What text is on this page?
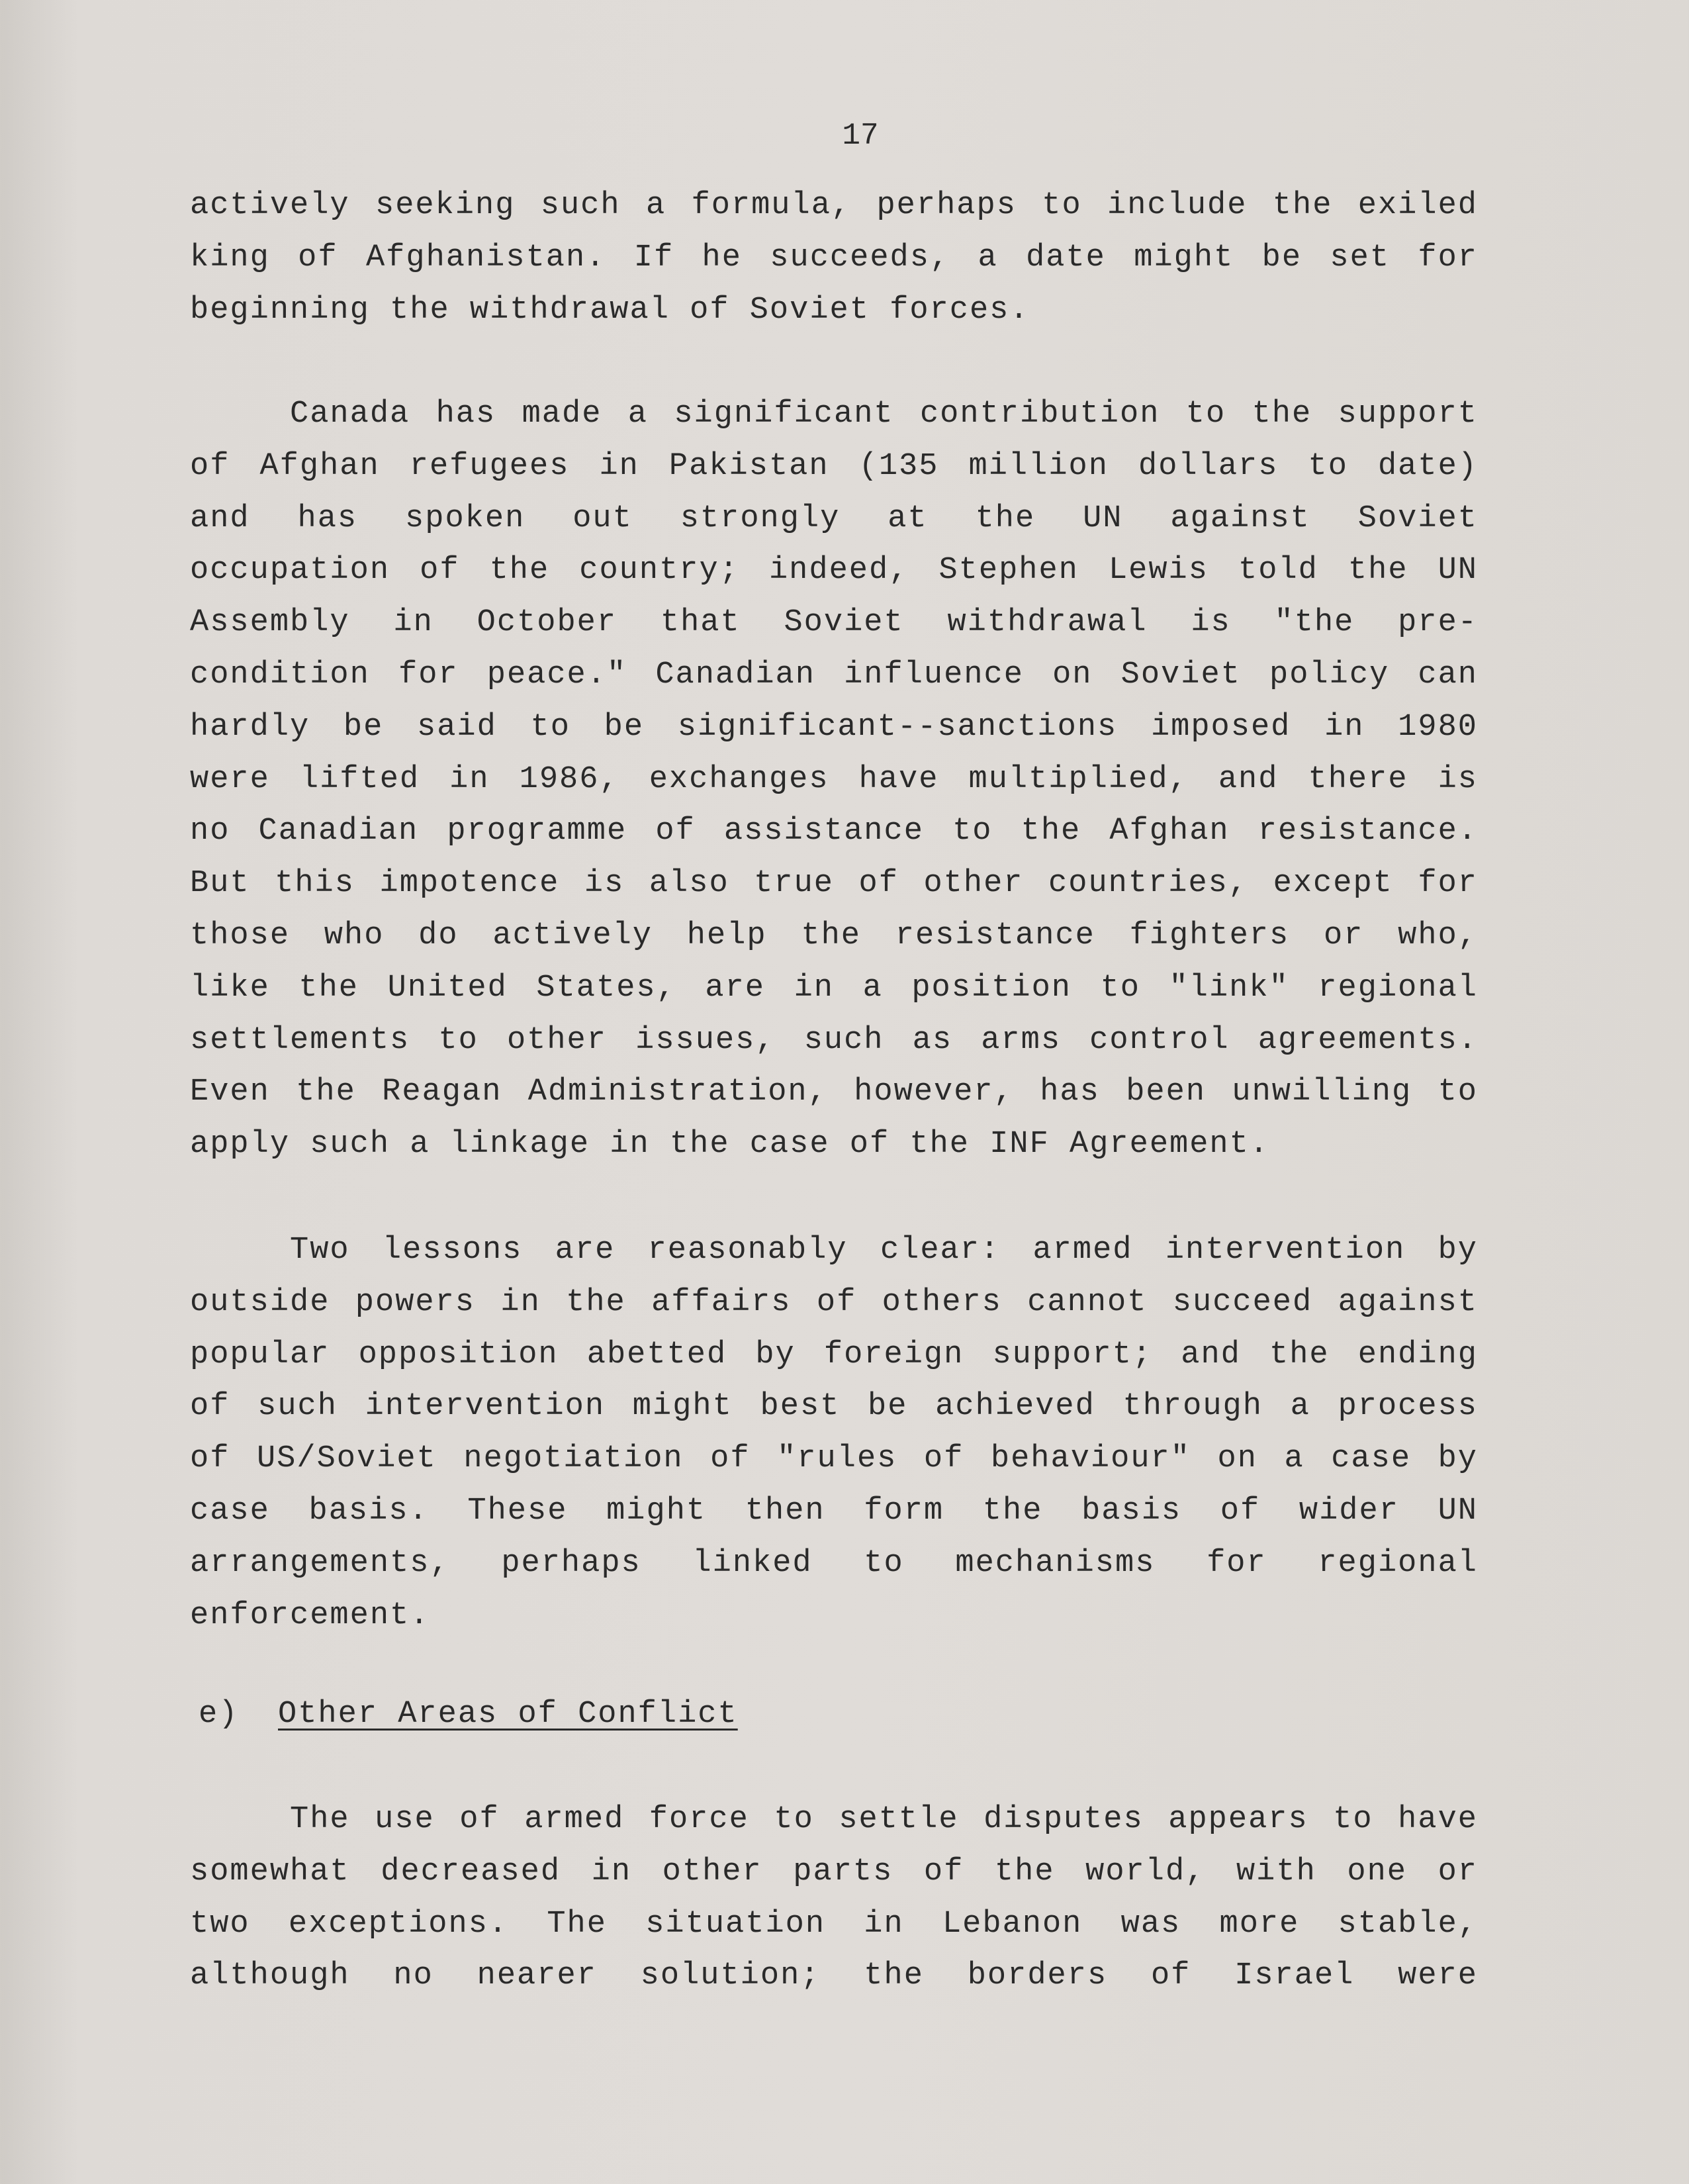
17

actively seeking such a formula, perhaps to include the exiled
king of Afghanistan. If he succeeds, a date might be set for
beginning the withdrawal of Soviet forces.

Canada has made a significant contribution to the support
of Afghan refugees in Pakistan (135 million dollars to date)
and has spoken out strongly at the UN against Soviet
occupation of the country; indeed, Stephen Lewis told the UN
Assembly in October that Soviet withdrawal is "the pre-
condition for peace." Canadian influence on Soviet policy can
hardly be said to be significant--sanctions imposed in 1980
were lifted in 1986, exchanges have multiplied, and there is
no Canadian programme of assistance to the Afghan resistance.
But this impotence is also true of other countries, except for
those who do actively help the resistance fighters or who,
like the United States, are in a position to "link" regional
settlements to other issues, such as arms control agreements.
Even the Reagan Administration, however, has been unwilling to
apply such a linkage in the case of the INF Agreement.

Two lessons are reasonably clear: armed intervention by
outside powers in the affairs of others cannot succeed against
popular opposition abetted by foreign support; and the ending
of such intervention might best be achieved through a process
of US/Soviet negotiation of "rules of behaviour" on a case by
case basis. These might then form the basis of wider UN
arrangements, perhaps linked to mechanisms for regional
enforcement.

e) Other Areas of Conflict

The use of armed force to settle disputes appears to have
somewhat decreased in other parts of the world, with one or
two exceptions. The situation in Lebanon was more stable,
although no nearer solution; the borders of Israel were
